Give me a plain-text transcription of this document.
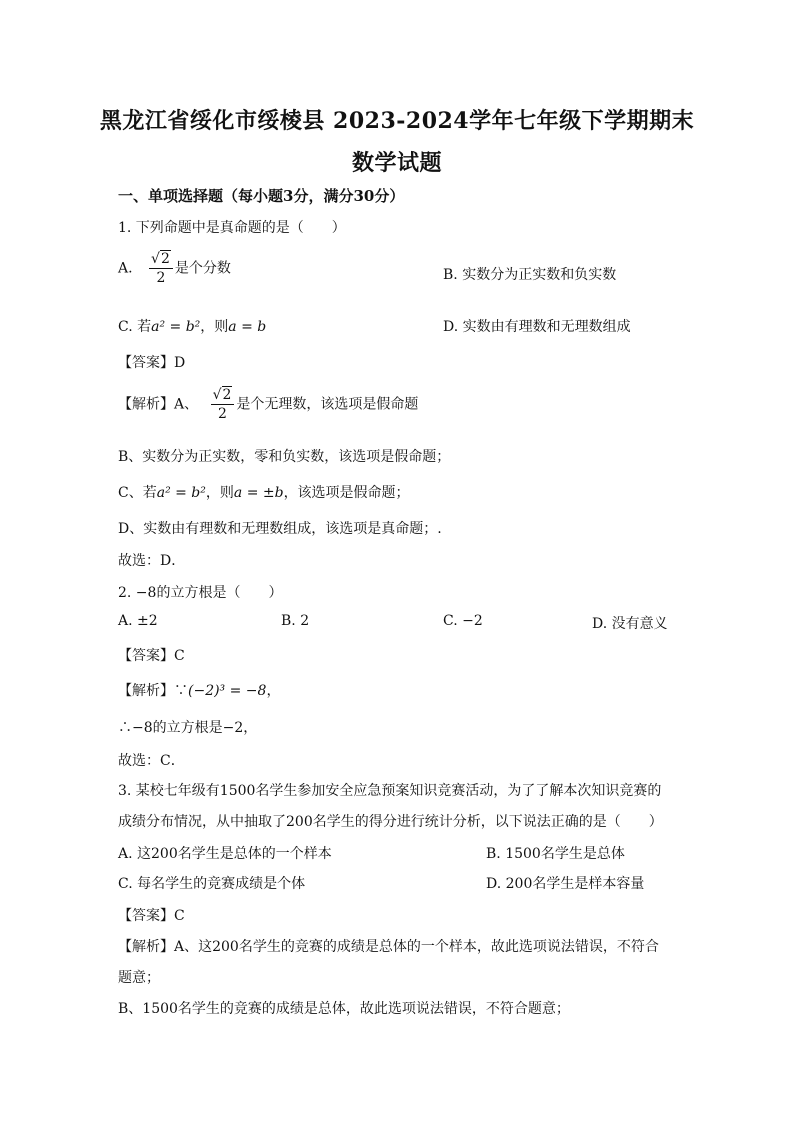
黑龙江省绥化市绥棱县 2023-2024学年七年级下学期期末
数学试题
一、单项选择题（每小题3分，满分30分）
1. 下列命题中是真命题的是（　　）
A. $\frac{√2}{2}$ 是个分数	B. 实数分为正实数和负实数
C. 若a² = b²，则a = b	D. 实数由有理数和无理数组成
【答案】D
【解析】A、 $\frac{√2}{2}$ 是个无理数，该选项是假命题
B、实数分为正实数，零和负实数，该选项是假命题；
C、若a² = b²，则a = ±b，该选项是假命题；
D、实数由有理数和无理数组成，该选项是真命题；.
故选：D．
2. −8的立方根是（　　）
A. ±2	B. 2	C. −2	D. 没有意义
【答案】C
【解析】∵(−2)³ = −8，
∴−8的立方根是−2，
故选：C．
3. 某校七年级有1500名学生参加安全应急预案知识竞赛活动，为了了解本次知识竞赛的
成绩分布情况，从中抽取了200名学生的得分进行统计分析，以下说法正确的是（　　）
A. 这200名学生是总体的一个样本	B. 1500名学生是总体
C. 每名学生的竞赛成绩是个体	D. 200名学生是样本容量
【答案】C
【解析】A、这200名学生的竞赛的成绩是总体的一个样本，故此选项说法错误，不符合
题意；
B、1500名学生的竞赛的成绩是总体，故此选项说法错误，不符合题意；
